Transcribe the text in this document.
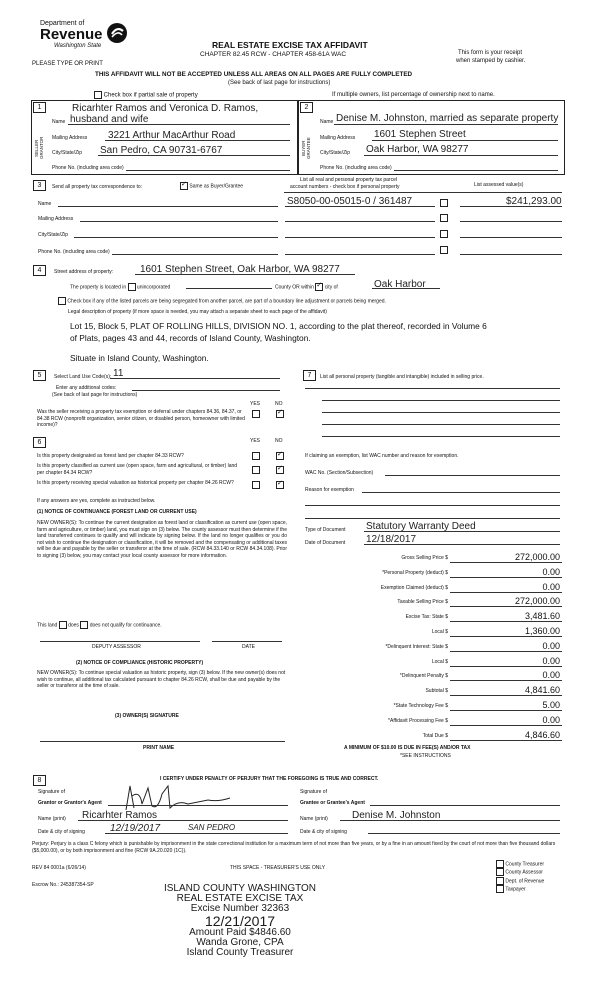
Department of
Revenue
Washington State
PLEASE TYPE OR PRINT
REAL ESTATE EXCISE TAX AFFIDAVIT
CHAPTER 82.45 RCW - CHAPTER 458-61A WAC	This form is your receipt
when stamped by cashier.
THIS AFFIDAVIT WILL NOT BE ACCEPTED UNLESS ALL AREAS ON ALL PAGES ARE FULLY COMPLETED
(See back of last page for instructions)
Check box if partial sale of property	If multiple owners, list percentage of ownership next to name.
1	2
SELLER GRANTOR	BUYER GRANTEE
Ricarhter Ramos and Veronica D. Ramos,
Name husband and wife
Mailing Address 3221 Arthur MacArthur Road
City/State/Zip San Pedro, CA 90731-6767
Phone No. (including area code)
Name Denise M. Johnston, married as separate property
Mailing Address 1601 Stephen Street
City/State/Zip Oak Harbor, WA 98277
Phone No. (including area code)
3	Send all property tax correspondence to: ✓	Same as Buyer/Grantee
List all real and personal property tax parcel
account numbers - check box if personal property	List assessed value(s)
Name	S8050-00-05015-0 / 361487	$241,293.00
Mailing Address
City/State/Zip
Phone No. (including area code)
4	Street address of property:	1601 Stephen Street, Oak Harbor, WA 98277
The property is located in unincorporated	County OR within ✓ city of	Oak Harbor
Check box if any of the listed parcels are being segregated from another parcel, are part of a boundary line adjustment or parcels being merged.
Legal description of property (if more space is needed, you may attach a separate sheet to each page of the affidavit)
Lot 15, Block 5, PLAT OF ROLLING HILLS, DIVISION NO. 1, according to the plat thereof, recorded in Volume 6
of Plats, pages 43 and 44, records of Island County, Washington.
Situate in Island County, Washington.
5	Select Land Use Code(s): 11
Enter any additional codes:
(See back of last page for instructions)
YES	NO
Was the seller receiving a property tax exemption or deferral under chapters 84.36, 84.37, or 84.38 RCW (nonprofit organization, senior citizen, or disabled person, homeowner with limited income)?
✓
6	YES	NO
Is this property designated as forest land per chapter 84.33 RCW?
✓
Is this property classified as current use (open space, farm and agricultural, or timber) land per chapter 84.34 RCW?
✓
Is this property receiving special valuation as historical property per chapter 84.26 RCW?
✓
If any answers are yes, complete as instructed below.
(1) NOTICE OF CONTINUANCE (FOREST LAND OR CURRENT USE)
NEW OWNER(S): To continue the current designation as forest land or classification as current use (open space, farm and agriculture, or timber) land, you must sign on (3) below. The county assessor must then determine if the land transferred continues to qualify and will indicate by signing below. If the land no longer qualifies or you do not wish to continue the designation or classification, it will be removed and the compensating or additional taxes will be due and payable by the seller or transferor at the time of sale. (RCW 84.33.140 or RCW 84.34.108). Prior to signing (3) below, you may contact your local county assessor for more information.
This land does does not qualify for continuance.
DEPUTY ASSESSOR	DATE
(2) NOTICE OF COMPLIANCE (HISTORIC PROPERTY)
NEW OWNER(S): To continue special valuation as historic property, sign (3) below. If the new owner(s) does not wish to continue, all additional tax calculated pursuant to chapter 84.26 RCW, shall be due and payable by the seller or transferor at the time of sale.
(3) OWNER(S) SIGNATURE
PRINT NAME
7	List all personal property (tangible and intangible) included in selling price.
If claiming an exemption, list WAC number and reason for exemption.
WAC No. (Section/Subsection)
Reason for exemption
Type of Document Statutory Warranty Deed
Date of Document 12/18/2017
Gross Selling Price $	272,000.00
*Personal Property (deduct) $	0.00
Exemption Claimed (deduct) $	0.00
Taxable Selling Price $	272,000.00
Excise Tax: State $	3,481.60
Local $	1,360.00
*Delinquent Interest: State $	0.00
Local $	0.00
*Delinquent Penalty $	0.00
Subtotal $	4,841.60
*State Technology Fee $	5.00
*Affidavit Processing Fee $	0.00
Total Due $	4,846.60
A MINIMUM OF $10.00 IS DUE IN FEE(S) AND/OR TAX
*SEE INSTRUCTIONS
8	I CERTIFY UNDER PENALTY OF PERJURY THAT THE FOREGOING IS TRUE AND CORRECT.
Signature of
Grantor or Grantor's Agent
Signature of
Grantee or Grantee's Agent
Name (print) Ricarhter Ramos	Name (print) Denise M. Johnston
Date & city of signing	12/19/2017	SAN PEDRO	Date & city of signing
Perjury: Perjury is a class C felony which is punishable by imprisonment in the state correctional institution for a maximum term of not more than five years, or by a fine in an amount fixed by the court of not more than five thousand dollars ($5,000.00), or by both imprisonment and fine (RCW 9A.20.020 (1C)).
REV 84 0001a (6/26/14)	THIS SPACE - TREASURER'S USE ONLY
Escrow No.: 245387354-SP
County Treasurer
County Assessor
Dept. of Revenue
Taxpayer
ISLAND COUNTY WASHINGTON
REAL ESTATE EXCISE TAX
Excise Number 32363
12/21/2017
Amount Paid $4846.60
Wanda Grone, CPA
Island County Treasurer
